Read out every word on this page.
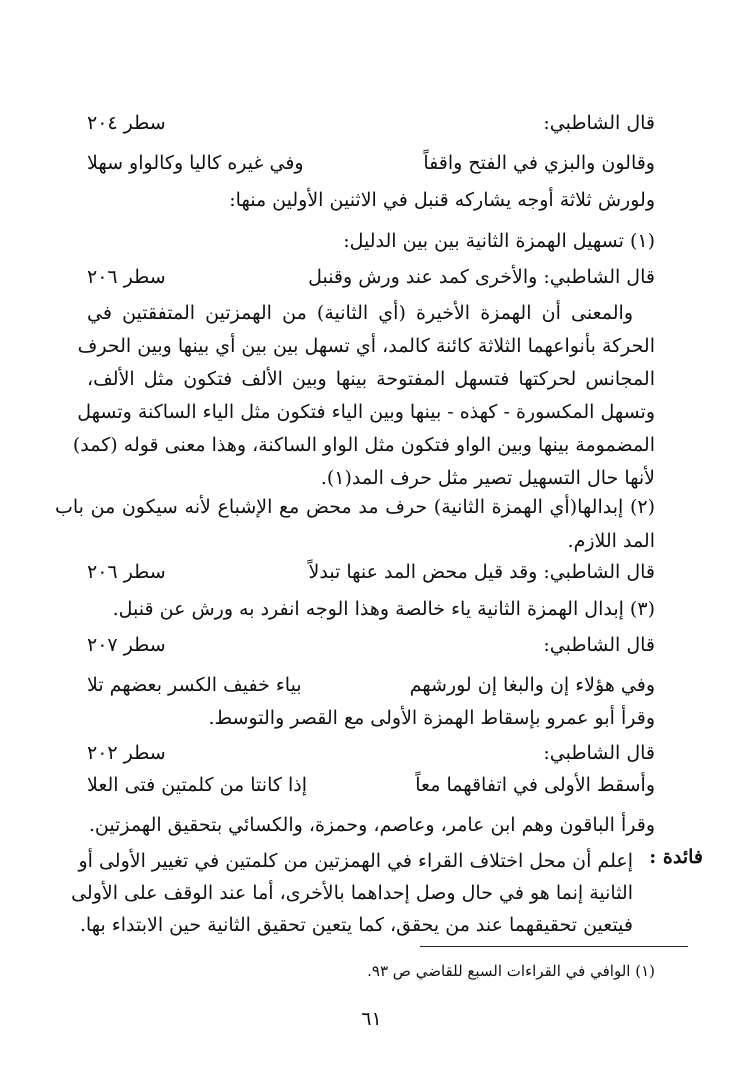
قال الشاطبي:
سطر ٢٠٤
وقالون والبزي في الفتح واقفاً
وفي غيره كاليا وكالواو سهلا
ولورش ثلاثة أوجه يشاركه قنبل في الاثنين الأولين منها:
(١) تسهيل الهمزة الثانية بين بين الدليل:
قال الشاطبي: والأخرى كمد عند ورش وقنبل
سطر ٢٠٦
والمعنى أن الهمزة الأخيرة (أي الثانية) من الهمزتين المتفقتين في
الحركة بأنواعهما الثلاثة كائنة كالمد، أي تسهل بين بين أي بينها وبين الحرف
المجانس لحركتها فتسهل المفتوحة بينها وبين الألف فتكون مثل الألف،
وتسهل المكسورة - كهذه - بينها وبين الياء فتكون مثل الياء الساكنة وتسهل
المضمومة بينها وبين الواو فتكون مثل الواو الساكنة، وهذا معنى قوله (كمد)
لأنها حال التسهيل تصير مثل حرف المد(١).
(٢) إبدالها(أي الهمزة الثانية) حرف مد محض مع الإشباع لأنه سيكون من باب
المد اللازم.
قال الشاطبي: وقد قيل محض المد عنها تبدلاً
سطر ٢٠٦
(٣) إبدال الهمزة الثانية ياء خالصة وهذا الوجه انفرد به ورش عن قنبل.
قال الشاطبي:
سطر ٢٠٧
وفي هؤلاء إن والبغا إن لورشهم
بياء خفيف الكسر بعضهم تلا
وقرأ أبو عمرو بإسقاط الهمزة الأولى مع القصر والتوسط.
قال الشاطبي:
سطر ٢٠٢
وأسقط الأولى في اتفاقهما معاً
إذا كانتا من كلمتين فتى العلا
وقرأ الباقون وهم ابن عامر، وعاصم، وحمزة، والكسائي بتحقيق الهمزتين.
فائدة :
إعلم أن محل اختلاف القراء في الهمزتين من كلمتين في تغيير الأولى أو
الثانية إنما هو في حال وصل إحداهما بالأخرى، أما عند الوقف على الأولى
فيتعين تحقيقهما عند من يحقق، كما يتعين تحقيق الثانية حين الابتداء بها.
(١) الوافي في القراءات السبع للقاضي ص ٩٣.
٦١
